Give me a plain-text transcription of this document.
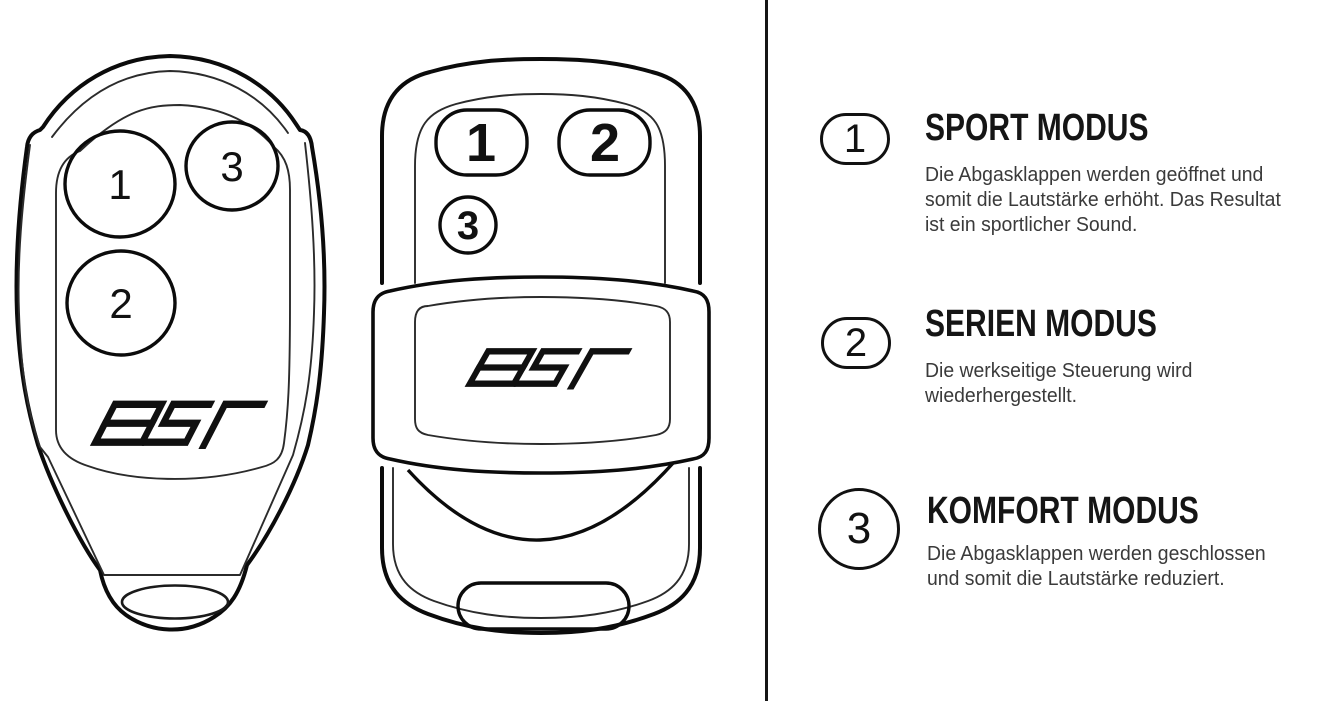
1 3
2
1 2
3
1 SPORT MODUS
Die Abgasklappen werden geöffnet und
somit die Lautstärke erhöht. Das Resultat
ist ein sportlicher Sound.
2 SERIEN MODUS
Die werkseitige Steuerung wird
wiederhergestellt.
3 KOMFORT MODUS
Die Abgasklappen werden geschlossen
und somit die Lautstärke reduziert.
